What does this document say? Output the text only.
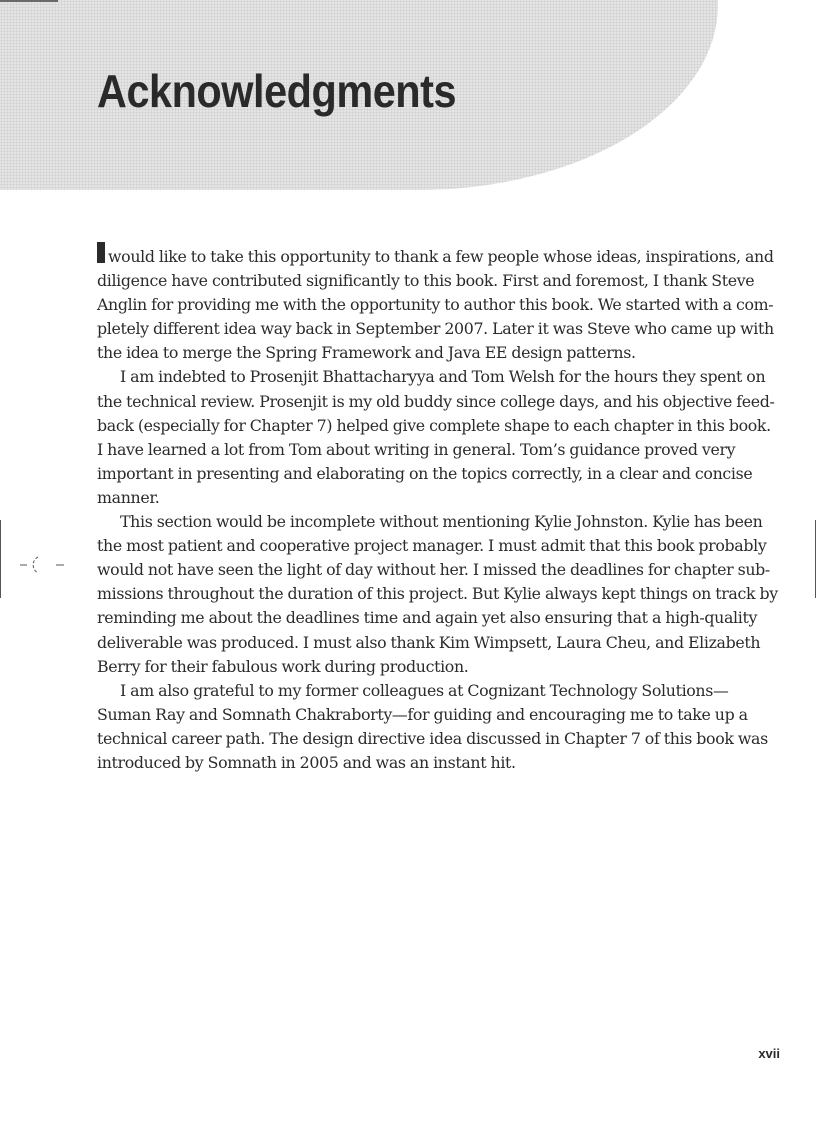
Acknowledgments

would like to take this opportunity to thank a few people whose ideas, inspirations, and
diligence have contributed significantly to this book. First and foremost, I thank Steve
Anglin for providing me with the opportunity to author this book. We started with a com-
pletely different idea way back in September 2007. Later it was Steve who came up with
the idea to merge the Spring Framework and Java EE design patterns.

I am indebted to Prosenjit Bhattacharyya and Tom Welsh for the hours they spent on
the technical review. Prosenjit is my old buddy since college days, and his objective feed-
back (especially for Chapter 7) helped give complete shape to each chapter in this book.
I have learned a lot from Tom about writing in general. Tom’s guidance proved very
important in presenting and elaborating on the topics correctly, in a clear and concise
manner.

This section would be incomplete without mentioning Kylie Johnston. Kylie has been
the most patient and cooperative project manager. I must admit that this book probably
would not have seen the light of day without her. I missed the deadlines for chapter sub-
missions throughout the duration of this project. But Kylie always kept things on track by
reminding me about the deadlines time and again yet also ensuring that a high-quality
deliverable was produced. I must also thank Kim Wimpsett, Laura Cheu, and Elizabeth
Berry for their fabulous work during production.

I am also grateful to my former colleagues at Cognizant Technology Solutions—
Suman Ray and Somnath Chakraborty—for guiding and encouraging me to take up a
technical career path. The design directive idea discussed in Chapter 7 of this book was
introduced by Somnath in 2005 and was an instant hit.

xvii
